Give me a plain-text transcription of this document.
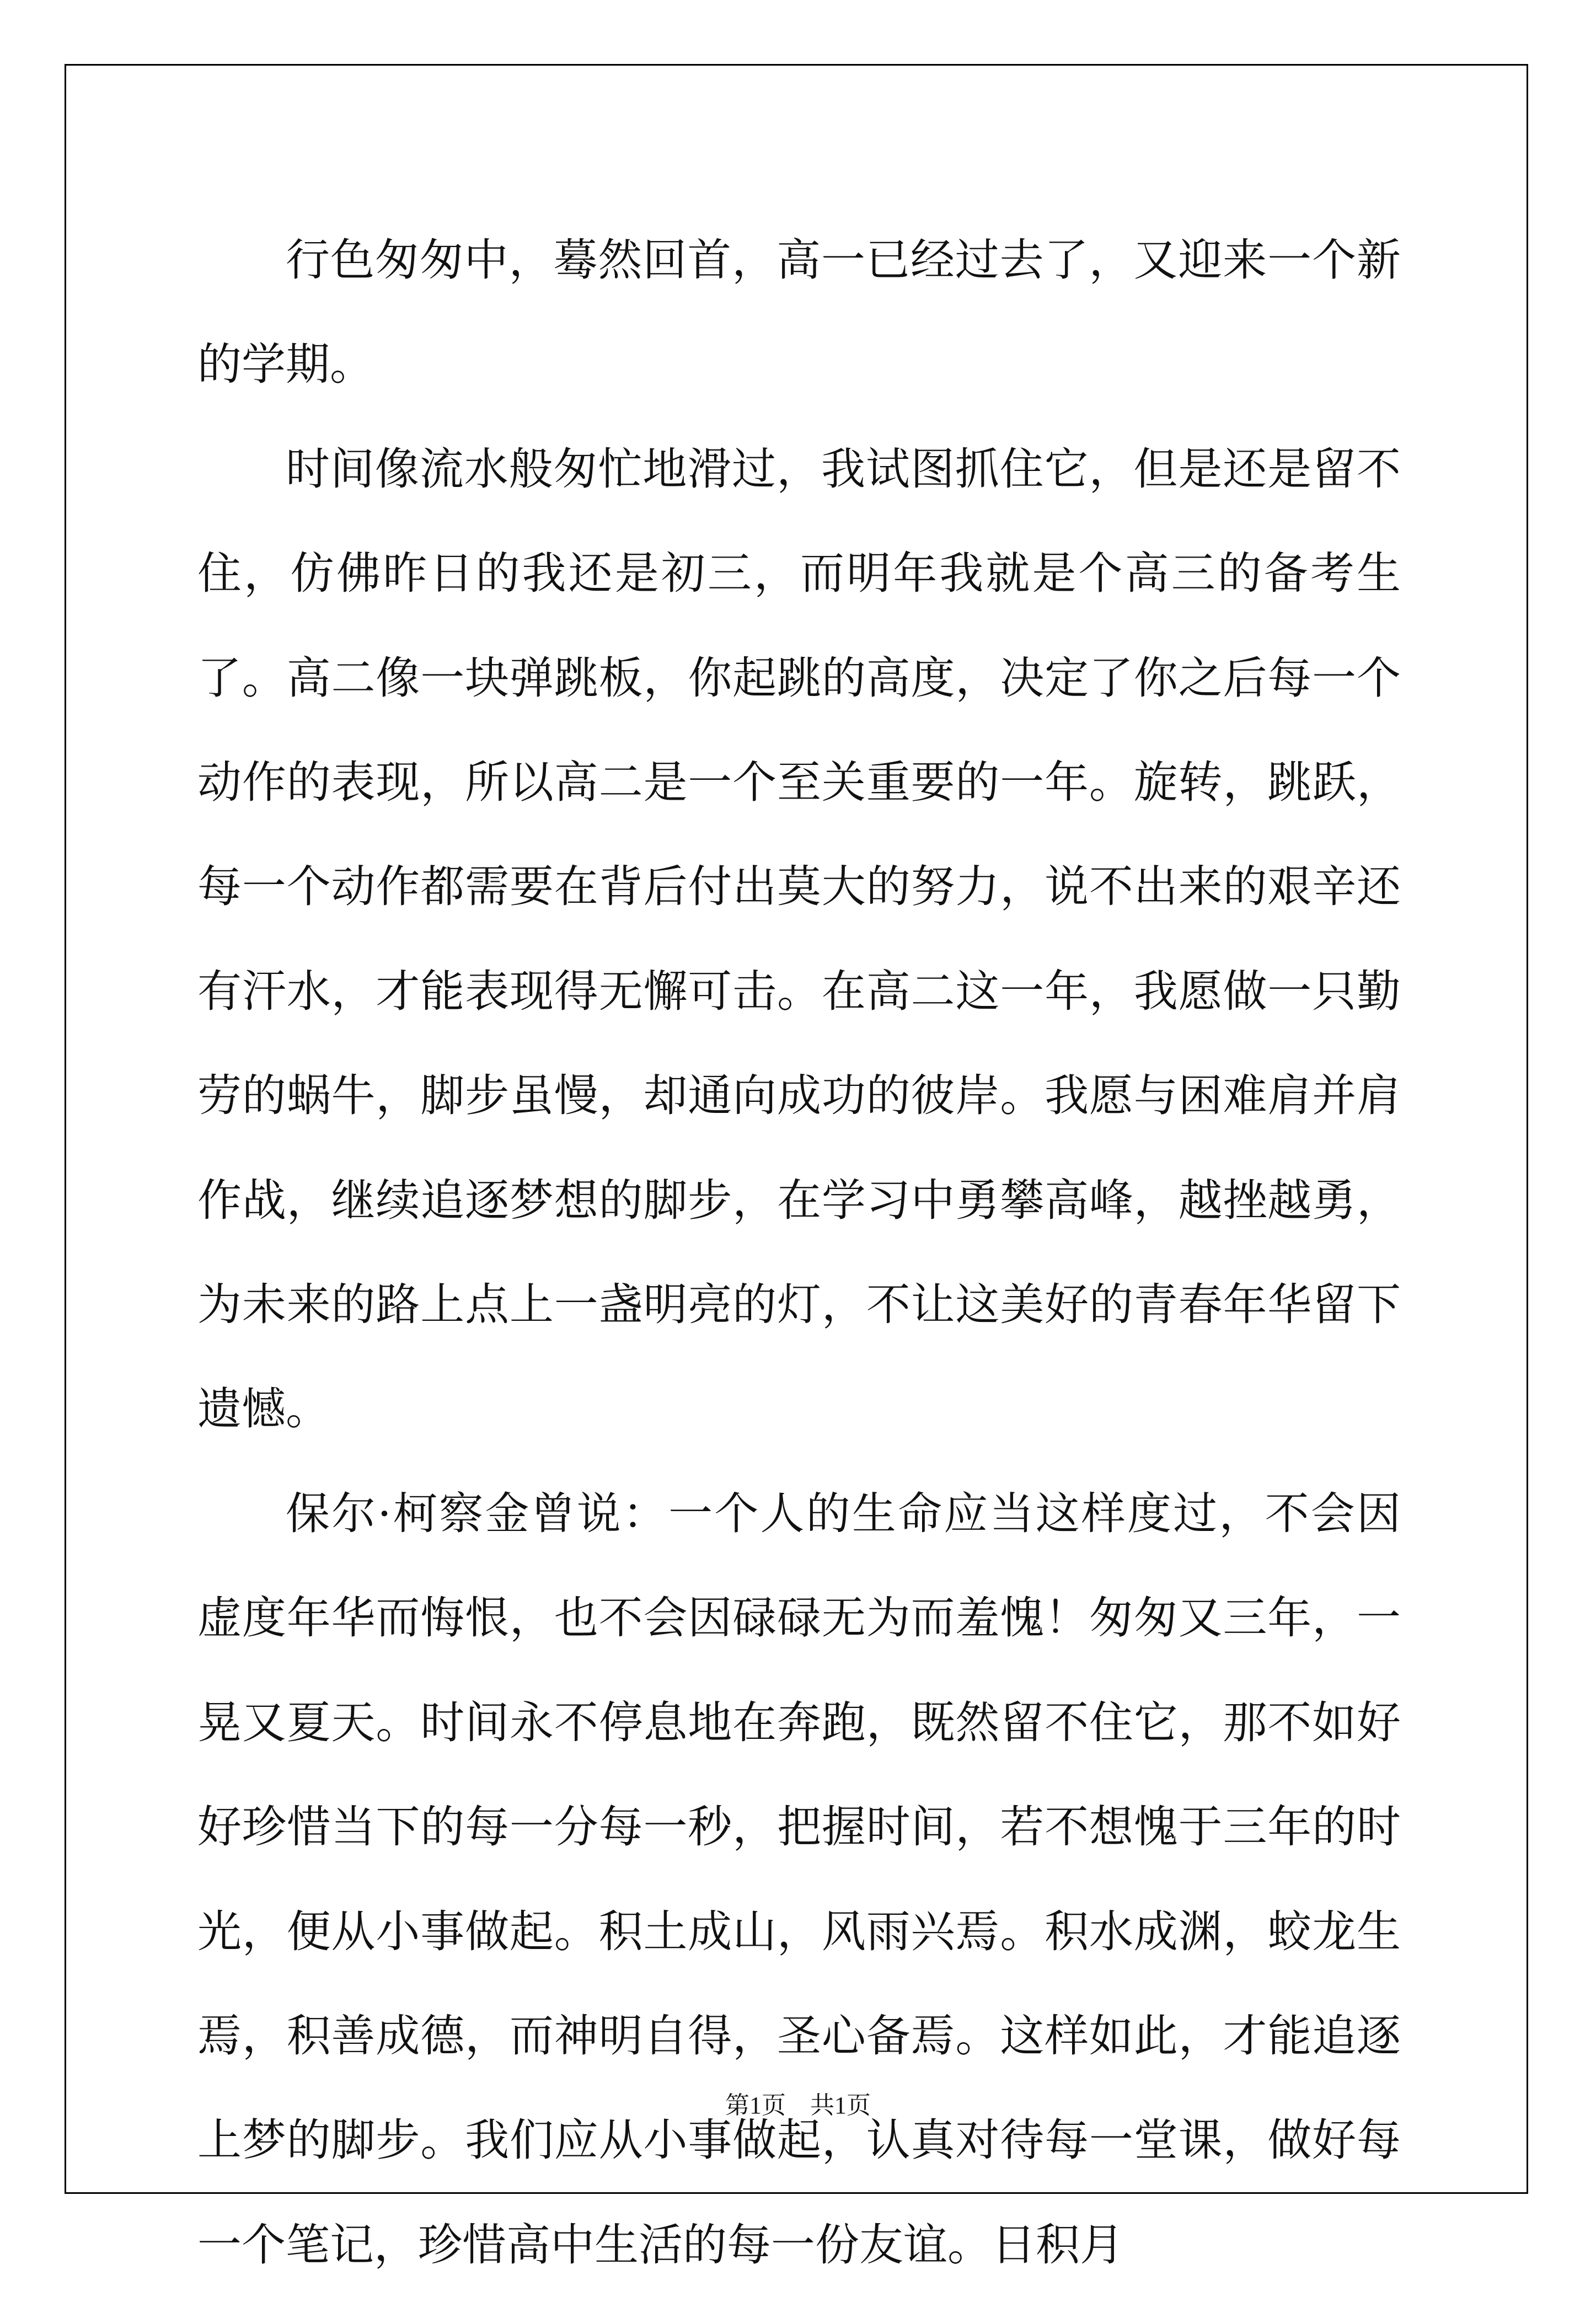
行色匆匆中，蓦然回首，高一已经过去了，又迎来一个新的学期。

时间像流水般匆忙地滑过，我试图抓住它，但是还是留不住，仿佛昨日的我还是初三，而明年我就是个高三的备考生了。高二像一块弹跳板，你起跳的高度，决定了你之后每一个动作的表现，所以高二是一个至关重要的一年。旋转，跳跃，每一个动作都需要在背后付出莫大的努力，说不出来的艰辛还有汗水，才能表现得无懈可击。在高二这一年，我愿做一只勤劳的蜗牛，脚步虽慢，却通向成功的彼岸。我愿与困难肩并肩作战，继续追逐梦想的脚步，在学习中勇攀高峰，越挫越勇，为未来的路上点上一盏明亮的灯，不让这美好的青春年华留下遗憾。

保尔·柯察金曾说：一个人的生命应当这样度过，不会因虚度年华而悔恨，也不会因碌碌无为而羞愧！匆匆又三年，一晃又夏天。时间永不停息地在奔跑，既然留不住它，那不如好好珍惜当下的每一分每一秒，把握时间，若不想愧于三年的时光，便从小事做起。积土成山，风雨兴焉。积水成渊，蛟龙生焉，积善成德，而神明自得，圣心备焉。这样如此，才能追逐上梦的脚步。我们应从小事做起，认真对待每一堂课，做好每一个笔记，珍惜高中生活的每一份友谊。日积月

第1页    共1页
